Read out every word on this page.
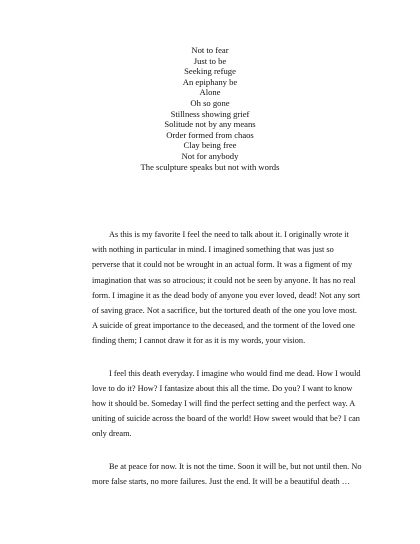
Not to fear
Just to be
Seeking refuge
An epiphany be
Alone
Oh so gone
Stillness showing grief
Solitude not by any means
Order formed from chaos
Clay being free
Not for anybody
The sculpture speaks but not with words

As this is my favorite I feel the need to talk about it. I originally wrote it with nothing in particular in mind. I imagined something that was just so perverse that it could not be wrought in an actual form. It was a figment of my imagination that was so atrocious; it could not be seen by anyone. It has no real form. I imagine it as the dead body of anyone you ever loved, dead! Not any sort of saving grace. Not a sacrifice, but the tortured death of the one you love most. A suicide of great importance to the deceased, and the torment of the loved one finding them; I cannot draw it for as it is my words, your vision.

I feel this death everyday. I imagine who would find me dead. How I would love to do it? How? I fantasize about this all the time. Do you? I want to know how it should be. Someday I will find the perfect setting and the perfect way. A uniting of suicide across the board of the world! How sweet would that be? I can only dream.

Be at peace for now. It is not the time. Soon it will be, but not until then. No more false starts, no more failures. Just the end. It will be a beautiful death …
